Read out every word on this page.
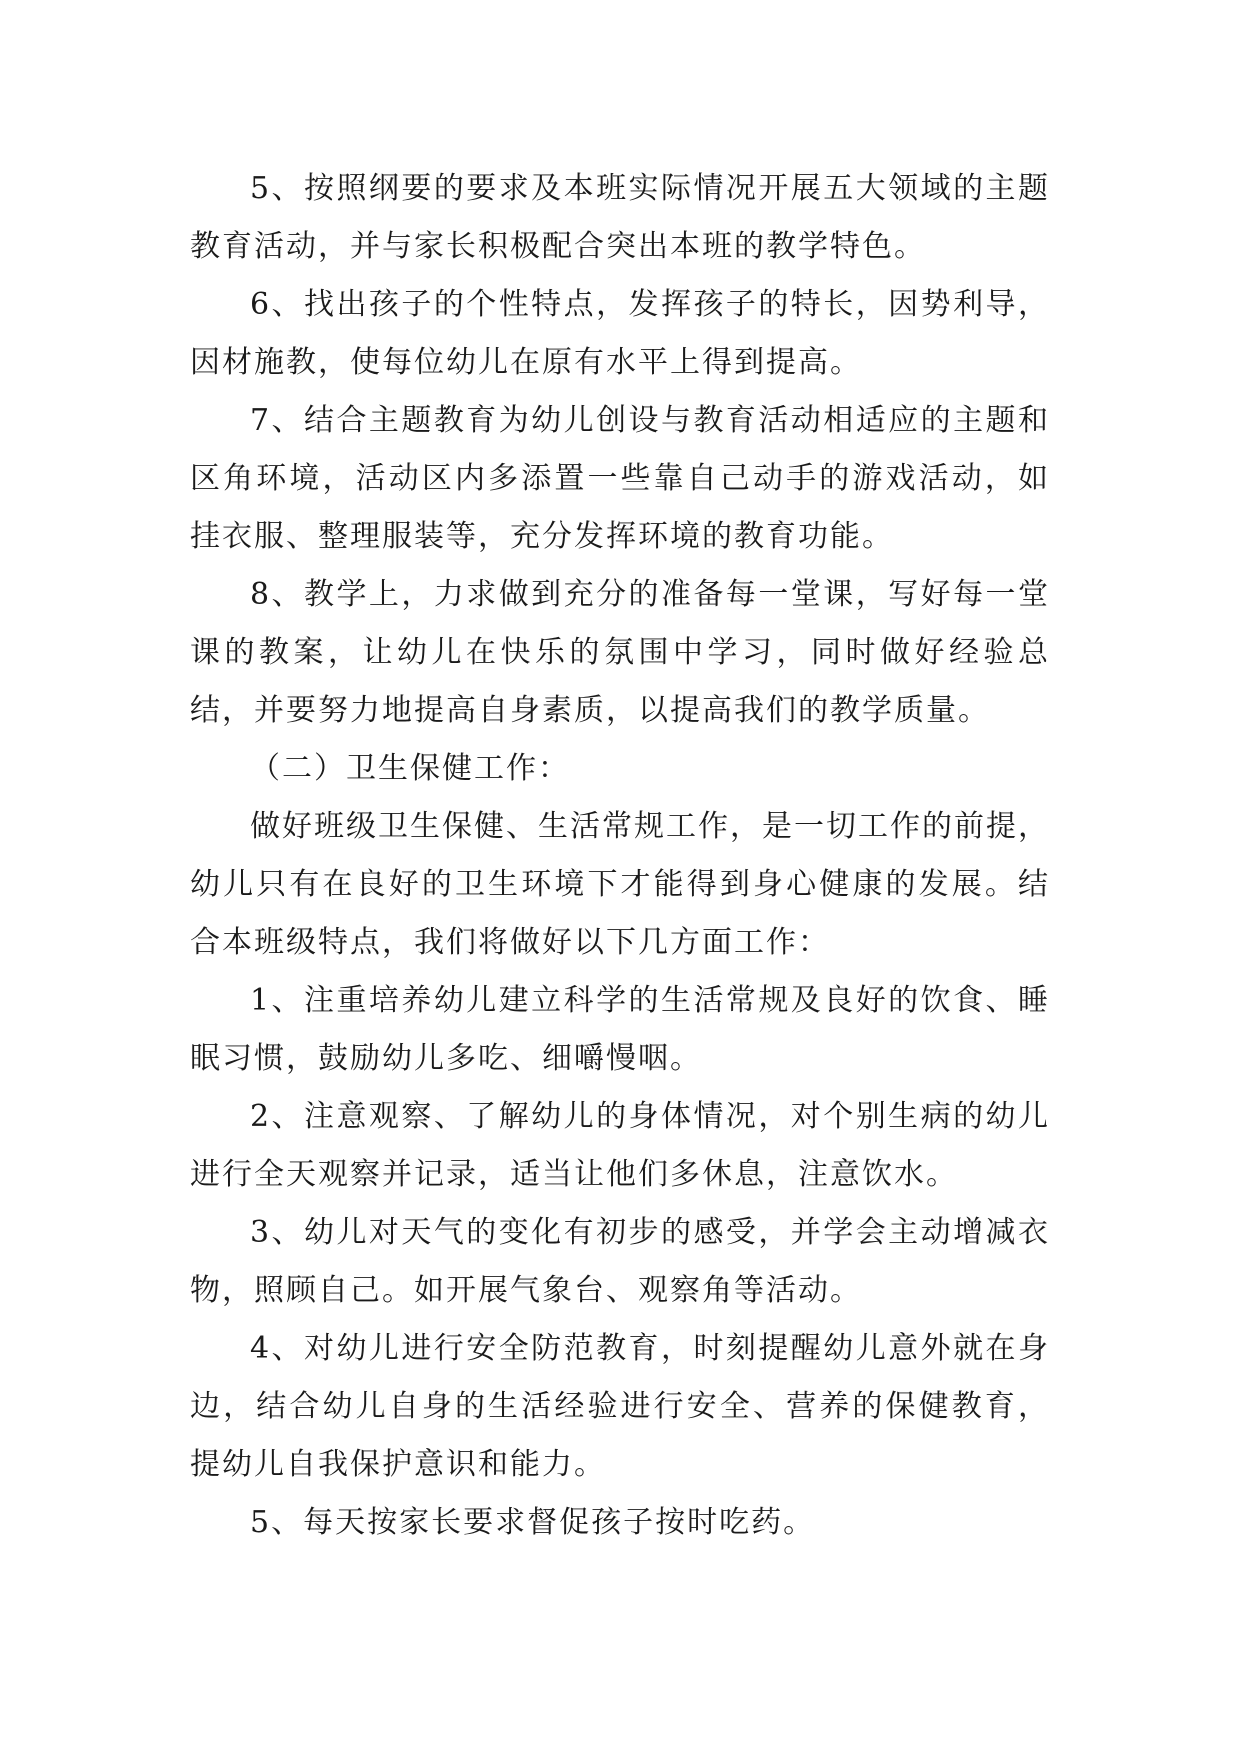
5、按照纲要的要求及本班实际情况开展五大领域的主题教育活动，并与家长积极配合突出本班的教学特色。

6、找出孩子的个性特点，发挥孩子的特长，因势利导，因材施教，使每位幼儿在原有水平上得到提高。

7、结合主题教育为幼儿创设与教育活动相适应的主题和区角环境，活动区内多添置一些靠自己动手的游戏活动，如挂衣服、整理服装等，充分发挥环境的教育功能。

8、教学上，力求做到充分的准备每一堂课，写好每一堂课的教案，让幼儿在快乐的氛围中学习，同时做好经验总结，并要努力地提高自身素质，以提高我们的教学质量。

（二）卫生保健工作：

做好班级卫生保健、生活常规工作，是一切工作的前提，幼儿只有在良好的卫生环境下才能得到身心健康的发展。结合本班级特点，我们将做好以下几方面工作：

1、注重培养幼儿建立科学的生活常规及良好的饮食、睡眠习惯，鼓励幼儿多吃、细嚼慢咽。

2、注意观察、了解幼儿的身体情况，对个别生病的幼儿进行全天观察并记录，适当让他们多休息，注意饮水。

3、幼儿对天气的变化有初步的感受，并学会主动增减衣物，照顾自己。如开展气象台、观察角等活动。

4、对幼儿进行安全防范教育，时刻提醒幼儿意外就在身边，结合幼儿自身的生活经验进行安全、营养的保健教育，提幼儿自我保护意识和能力。

5、每天按家长要求督促孩子按时吃药。
